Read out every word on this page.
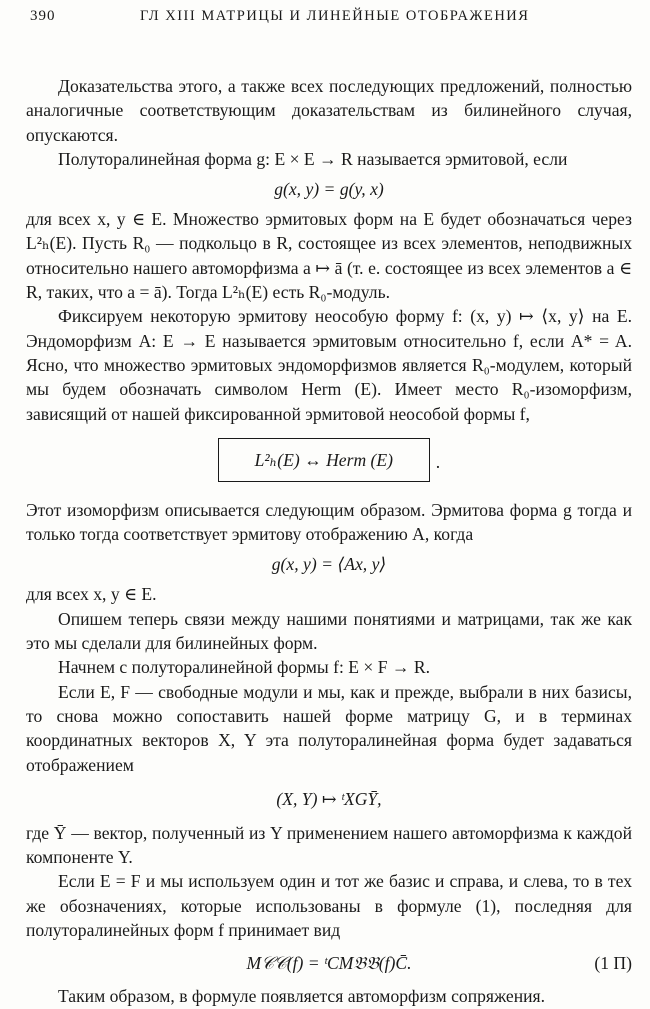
390	ГЛ XIII МАТРИЦЫ И ЛИНЕЙНЫЕ ОТОБРАЖЕНИЯ

Доказательства этого, а также всех последующих предложений, полностью аналогичные соответствующим доказательствам из билинейного случая, опускаются.

Полуторалинейная форма g: E × E → R называется эрмитовой, если

g(x, y) = g(y, x)

для всех x, y ∈ E. Множество эрмитовых форм на E будет обозначаться через L²ₕ(E). Пусть R₀ — подкольцо в R, состоящее из всех элементов, неподвижных относительно нашего автоморфизма a ↦ ā (т. е. состоящее из всех элементов a ∈ R, таких, что a = ā). Тогда L²ₕ(E) есть R₀-модуль.

Фиксируем некоторую эрмитову неособую форму f: (x, y) ↦ ⟨x, y⟩ на E. Эндоморфизм A: E → E называется эрмитовым относительно f, если A* = A. Ясно, что множество эрмитовых эндоморфизмов является R₀-модулем, который мы будем обозначать символом Herm (E). Имеет место R₀-изоморфизм, зависящий от нашей фиксированной эрмитовой неособой формы f,

L²ₕ(E) ↔ Herm (E) .

Этот изоморфизм описывается следующим образом. Эрмитова форма g тогда и только тогда соответствует эрмитову отображению A, когда

g(x, y) = ⟨Ax, y⟩

для всех x, y ∈ E.

Опишем теперь связи между нашими понятиями и матрицами, так же как это мы сделали для билинейных форм.

Начнем с полуторалинейной формы f: E × F → R.

Если E, F — свободные модули и мы, как и прежде, выбрали в них базисы, то снова можно сопоставить нашей форме матрицу G, и в терминах координатных векторов X, Y эта полуторалинейная форма будет задаваться отображением

(X, Y) ↦ ᵗXGȲ,

где Ȳ — вектор, полученный из Y применением нашего автоморфизма к каждой компоненте Y.

Если E = F и мы используем один и тот же базис и справа, и слева, то в тех же обозначениях, которые использованы в формуле (1), последняя для полуторалинейных форм f принимает вид

M𝒞𝒞(f) = ᵗCM𝔅𝔅(f)C̄.	(1 П)

Таким образом, в формуле появляется автоморфизм сопряжения.
